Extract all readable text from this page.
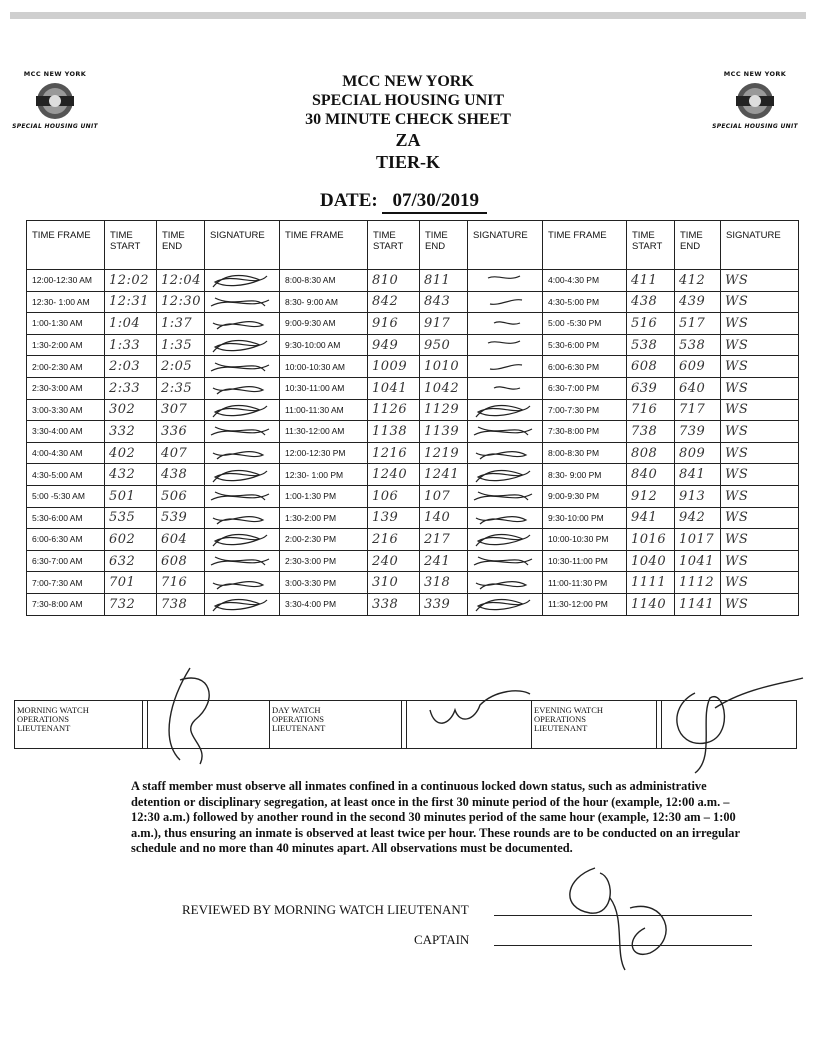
MCC NEW YORK
SPECIAL HOUSING UNIT
MCC NEW YORK
SPECIAL HOUSING UNIT
MCC NEW YORK
SPECIAL HOUSING UNIT
30 MINUTE CHECK SHEET
ZA
TIER-K
DATE: 07/30/2019
TIME FRAME	TIME START	TIME END	SIGNATURE	TIME FRAME	TIME START	TIME END	SIGNATURE	TIME FRAME	TIME START	TIME END	SIGNATURE
12:00-12:30 AM	12:02	12:04		8:00-8:30 AM	810	811		4:00-4:30 PM	411	412	WS
12:30- 1:00 AM	12:31	12:30		8:30- 9:00 AM	842	843		4:30-5:00 PM	438	439	WS
1:00-1:30 AM	1:04	1:37		9:00-9:30 AM	916	917		5:00 -5:30 PM	516	517	WS
1:30-2:00 AM	1:33	1:35		9:30-10:00 AM	949	950		5:30-6:00 PM	538	538	WS
2:00-2:30 AM	2:03	2:05		10:00-10:30 AM	1009	1010		6:00-6:30 PM	608	609	WS
2:30-3:00 AM	2:33	2:35		10:30-11:00 AM	1041	1042		6:30-7:00 PM	639	640	WS
3:00-3:30 AM	302	307		11:00-11:30 AM	1126	1129		7:00-7:30 PM	716	717	WS
3:30-4:00 AM	332	336		11:30-12:00 AM	1138	1139		7:30-8:00 PM	738	739	WS
4:00-4:30 AM	402	407		12:00-12:30 PM	1216	1219		8:00-8:30 PM	808	809	WS
4:30-5:00 AM	432	438		12:30- 1:00 PM	1240	1241		8:30- 9:00 PM	840	841	WS
5:00 -5:30 AM	501	506		1:00-1:30 PM	106	107		9:00-9:30 PM	912	913	WS
5:30-6:00 AM	535	539		1:30-2:00 PM	139	140		9:30-10:00 PM	941	942	WS
6:00-6:30 AM	602	604		2:00-2:30 PM	216	217		10:00-10:30 PM	1016	1017	WS
6:30-7:00 AM	632	608		2:30-3:00 PM	240	241		10:30-11:00 PM	1040	1041	WS
7:00-7:30 AM	701	716		3:00-3:30 PM	310	318		11:00-11:30 PM	1111	1112	WS
7:30-8:00 AM	732	738		3:30-4:00 PM	338	339		11:30-12:00 PM	1140	1141	WS
MORNING WATCH
OPERATIONS
LIEUTENANT

DAY WATCH
OPERATIONS
LIEUTENANT

EVENING WATCH
OPERATIONS
LIEUTENANT

A staff member must observe all inmates confined in a continuous locked down status, such as administrative detention or disciplinary segregation, at least once in the first 30 minute period of the hour (example, 12:00 a.m. – 12:30 a.m.) followed by another round in the second 30 minutes period of the same hour (example, 12:30 am – 1:00 a.m.), thus ensuring an inmate is observed at least twice per hour. These rounds are to be conducted on an irregular schedule and no more than 40 minutes apart. All observations must be documented.
REVIEWED BY MORNING WATCH LIEUTENANT
CAPTAIN
